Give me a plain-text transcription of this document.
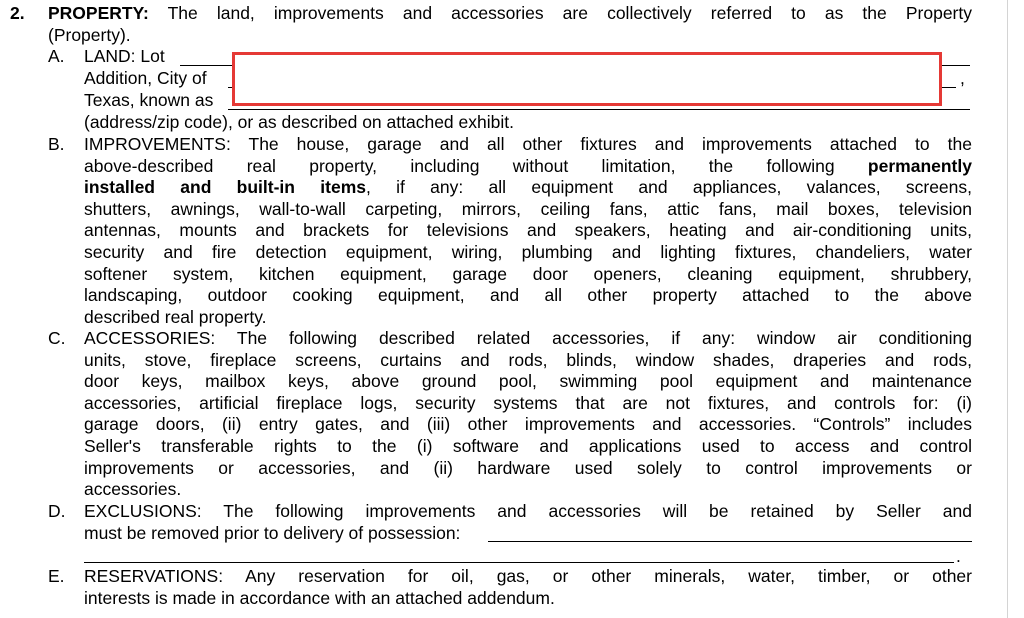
2. PROPERTY: The land, improvements and accessories are collectively referred to as the Property
(Property).
A. LAND: Lot
Addition, City of	,
Texas, known as
(address/zip code), or as described on attached exhibit.
B. IMPROVEMENTS: The house, garage and all other fixtures and improvements attached to the
above-described real property, including without limitation, the following permanently
installed and built-in items, if any: all equipment and appliances, valances, screens,
shutters, awnings, wall-to-wall carpeting, mirrors, ceiling fans, attic fans, mail boxes, television
antennas, mounts and brackets for televisions and speakers, heating and air-conditioning units,
security and fire detection equipment, wiring, plumbing and lighting fixtures, chandeliers, water
softener system, kitchen equipment, garage door openers, cleaning equipment, shrubbery,
landscaping, outdoor cooking equipment, and all other property attached to the above
described real property.
C. ACCESSORIES: The following described related accessories, if any: window air conditioning
units, stove, fireplace screens, curtains and rods, blinds, window shades, draperies and rods,
door keys, mailbox keys, above ground pool, swimming pool equipment and maintenance
accessories, artificial fireplace logs, security systems that are not fixtures, and controls for: (i)
garage doors, (ii) entry gates, and (iii) other improvements and accessories. “Controls” includes
Seller's transferable rights to the (i) software and applications used to access and control
improvements or accessories, and (ii) hardware used solely to control improvements or
accessories.
D. EXCLUSIONS: The following improvements and accessories will be retained by Seller and
must be removed prior to delivery of possession:
.
E. RESERVATIONS: Any reservation for oil, gas, or other minerals, water, timber, or other
interests is made in accordance with an attached addendum.
